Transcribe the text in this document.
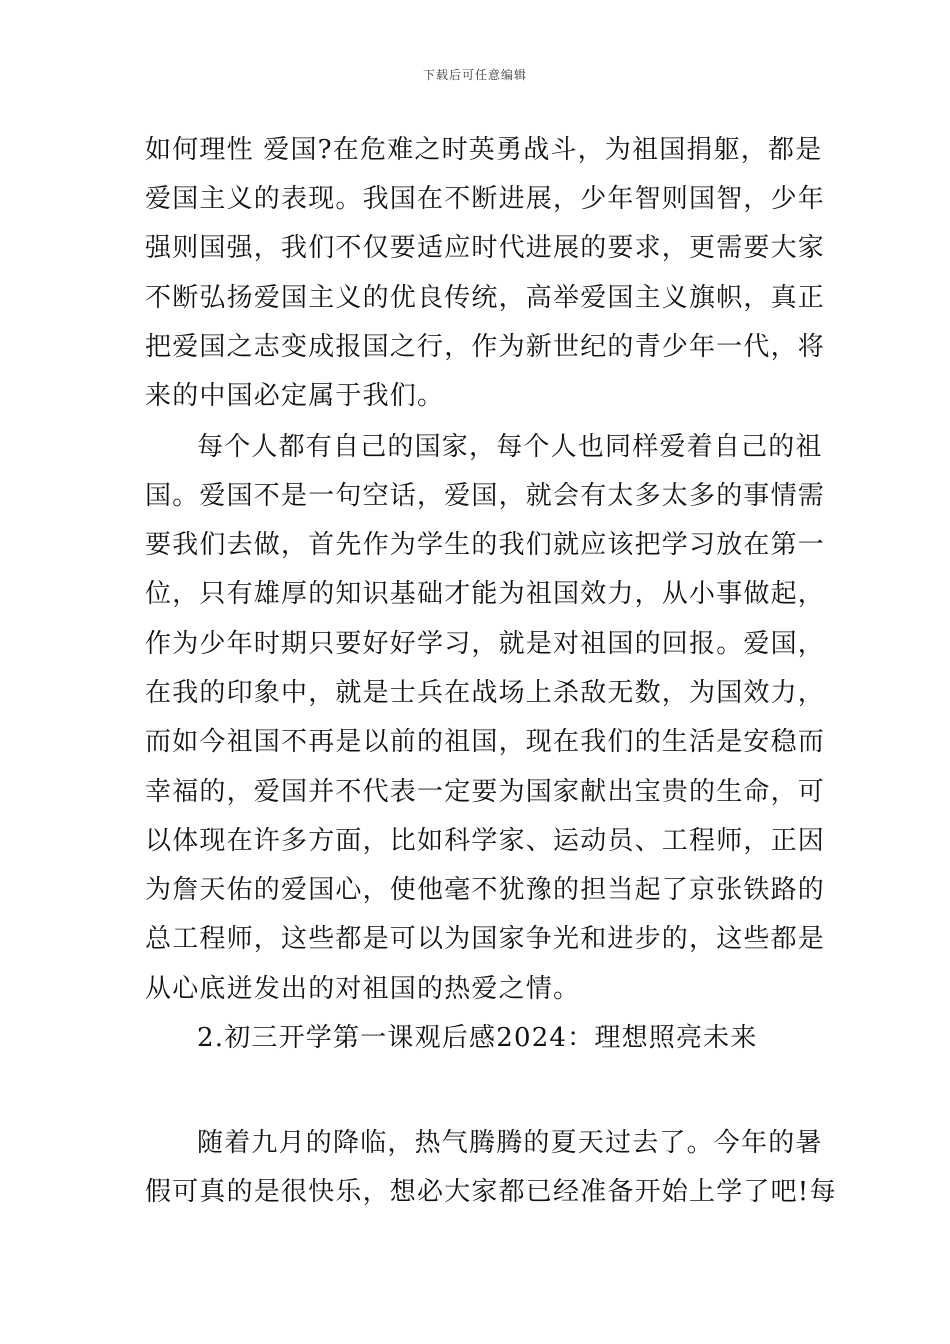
下载后可任意编辑
如何理性 爱国?在危难之时英勇战斗，为祖国捐躯，都是
爱国主义的表现。我国在不断进展，少年智则国智，少年
强则国强，我们不仅要适应时代进展的要求，更需要大家
不断弘扬爱国主义的优良传统，高举爱国主义旗帜，真正
把爱国之志变成报国之行，作为新世纪的青少年一代，将
来的中国必定属于我们。
每个人都有自己的国家，每个人也同样爱着自己的祖
国。爱国不是一句空话，爱国，就会有太多太多的事情需
要我们去做，首先作为学生的我们就应该把学习放在第一
位，只有雄厚的知识基础才能为祖国效力，从小事做起，
作为少年时期只要好好学习，就是对祖国的回报。爱国，
在我的印象中，就是士兵在战场上杀敌无数，为国效力，
而如今祖国不再是以前的祖国，现在我们的生活是安稳而
幸福的，爱国并不代表一定要为国家献出宝贵的生命，可
以体现在许多方面，比如科学家、运动员、工程师，正因
为詹天佑的爱国心，使他毫不犹豫的担当起了京张铁路的
总工程师，这些都是可以为国家争光和进步的，这些都是
从心底迸发出的对祖国的热爱之情。
2.初三开学第一课观后感2024：理想照亮未来
随着九月的降临，热气腾腾的夏天过去了。今年的暑
假可真的是很快乐，想必大家都已经准备开始上学了吧!每
